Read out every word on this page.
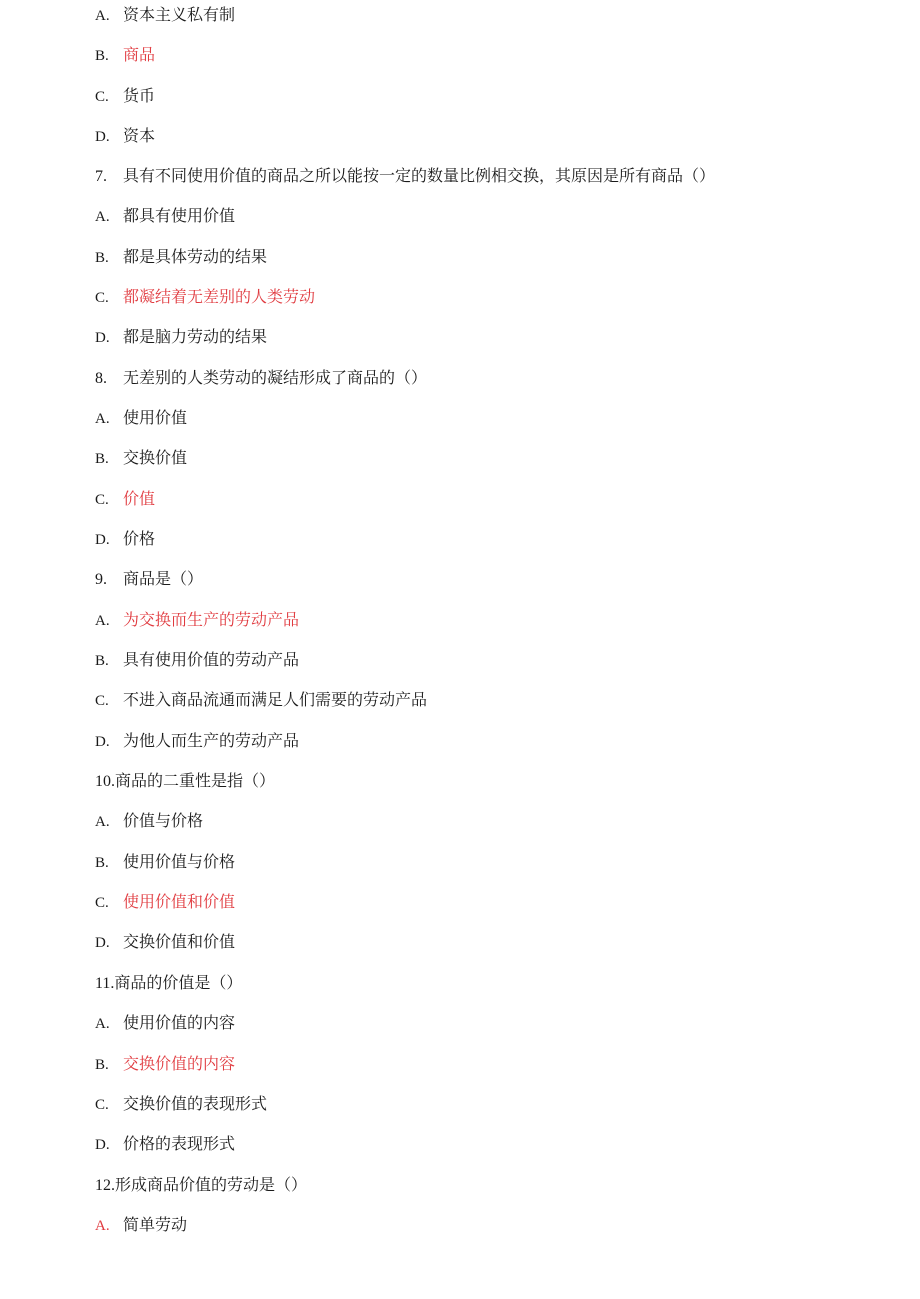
A. 资本主义私有制
B. 商品
C. 货币
D. 资本
7. 具有不同使用价值的商品之所以能按一定的数量比例相交换，其原因是所有商品（）
A. 都具有使用价值
B. 都是具体劳动的结果
C. 都凝结着无差别的人类劳动
D. 都是脑力劳动的结果
8. 无差别的人类劳动的凝结形成了商品的（）
A. 使用价值
B. 交换价值
C. 价值
D. 价格
9. 商品是（）
A. 为交换而生产的劳动产品
B. 具有使用价值的劳动产品
C. 不进入商品流通而满足人们需要的劳动产品
D. 为他人而生产的劳动产品
10.商品的二重性是指（）
A. 价值与价格
B. 使用价值与价格
C. 使用价值和价值
D. 交换价值和价值
11.商品的价值是（）
A. 使用价值的内容
B. 交换价值的内容
C. 交换价值的表现形式
D. 价格的表现形式
12.形成商品价值的劳动是（）
A. 简单劳动
